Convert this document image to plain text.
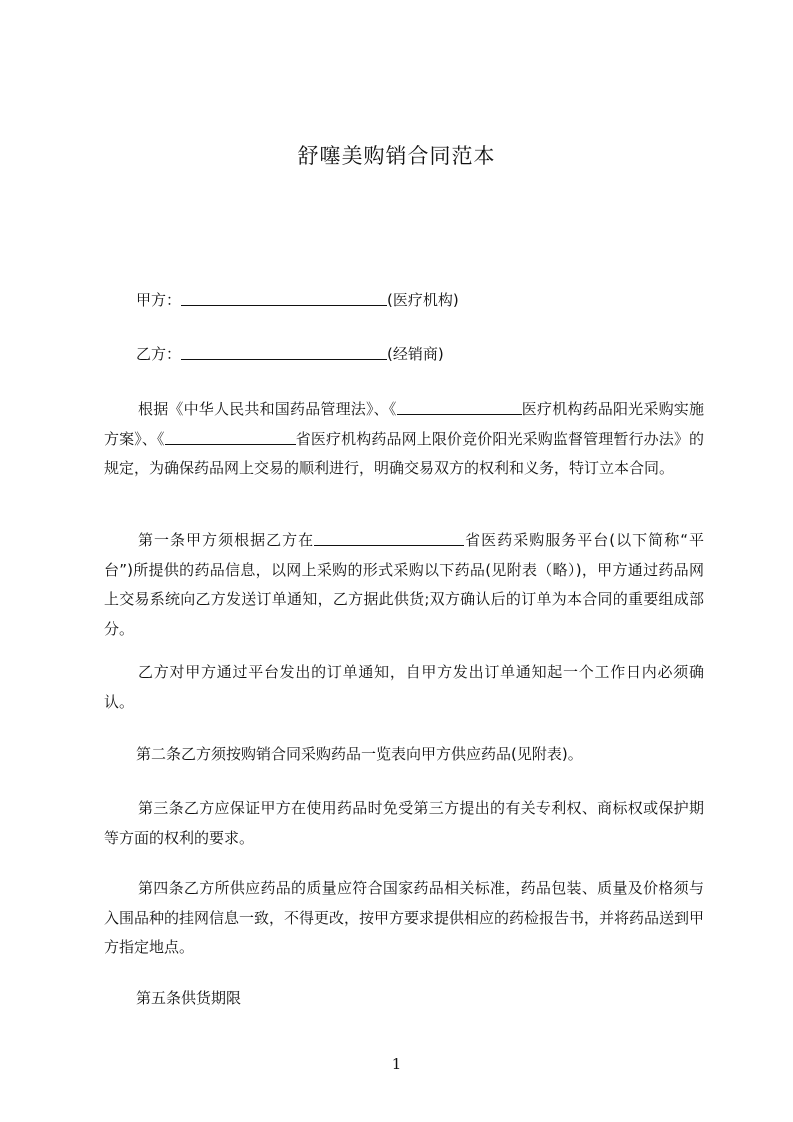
舒噻美购销合同范本
甲方：	(医疗机构)
乙方：	(经销商)
根据《中华人民共和国药品管理法》、《	医疗机构药品阳光采购实施方案》、《	省医疗机构药品网上限价竞价阳光采购监督管理暂行办法》的规定，为确保药品网上交易的顺利进行，明确交易双方的权利和义务，特订立本合同。
第一条甲方须根据乙方在	省医药采购服务平台(以下简称“平台”)所提供的药品信息，以网上采购的形式采购以下药品(见附表（略）)，甲方通过药品网上交易系统向乙方发送订单通知，乙方据此供货;双方确认后的订单为本合同的重要组成部分。
乙方对甲方通过平台发出的订单通知，自甲方发出订单通知起一个工作日内必须确认。
第二条乙方须按购销合同采购药品一览表向甲方供应药品(见附表)。
第三条乙方应保证甲方在使用药品时免受第三方提出的有关专利权、商标权或保护期等方面的权利的要求。
第四条乙方所供应药品的质量应符合国家药品相关标准，药品包装、质量及价格须与入围品种的挂网信息一致，不得更改，按甲方要求提供相应的药检报告书，并将药品送到甲方指定地点。
第五条供货期限
1
